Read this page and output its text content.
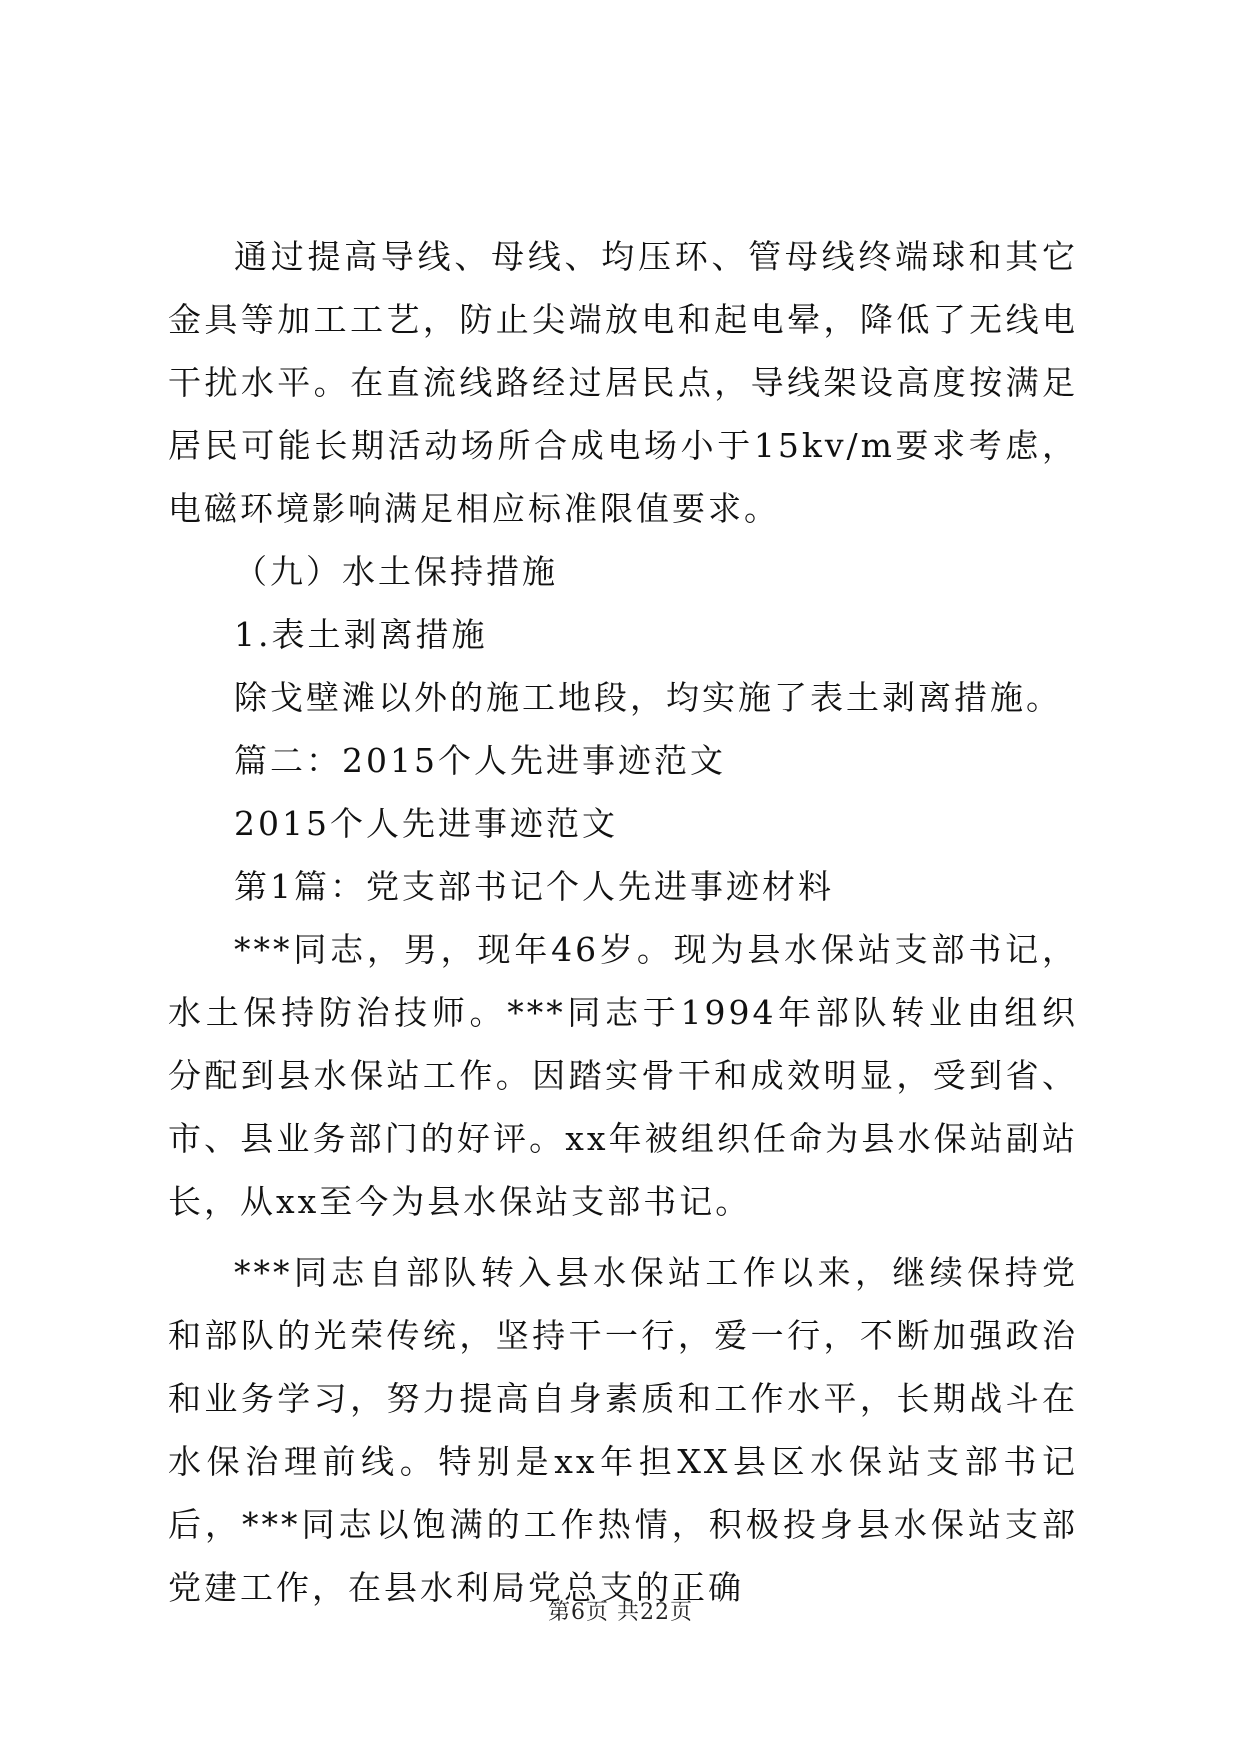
通过提高导线、母线、均压环、管母线终端球和其它金具等加工工艺，防止尖端放电和起电晕，降低了无线电干扰水平。在直流线路经过居民点，导线架设高度按满足居民可能长期活动场所合成电场小于15kv/m要求考虑，电磁环境影响满足相应标准限值要求。

（九）水土保持措施

1.表土剥离措施

除戈壁滩以外的施工地段，均实施了表土剥离措施。

篇二：2015个人先进事迹范文

2015个人先进事迹范文

第1篇：党支部书记个人先进事迹材料

***同志，男，现年46岁。现为县水保站支部书记，水土保持防治技师。***同志于1994年部队转业由组织分配到县水保站工作。因踏实骨干和成效明显，受到省、市、县业务部门的好评。xx年被组织任命为县水保站副站长，从xx至今为县水保站支部书记。

***同志自部队转入县水保站工作以来，继续保持党和部队的光荣传统，坚持干一行，爱一行，不断加强政治和业务学习，努力提高自身素质和工作水平，长期战斗在水保治理前线。特别是xx年担XX县区水保站支部书记后，***同志以饱满的工作热情，积极投身县水保站支部党建工作，在县水利局党总支的正确

第6页 共22页
